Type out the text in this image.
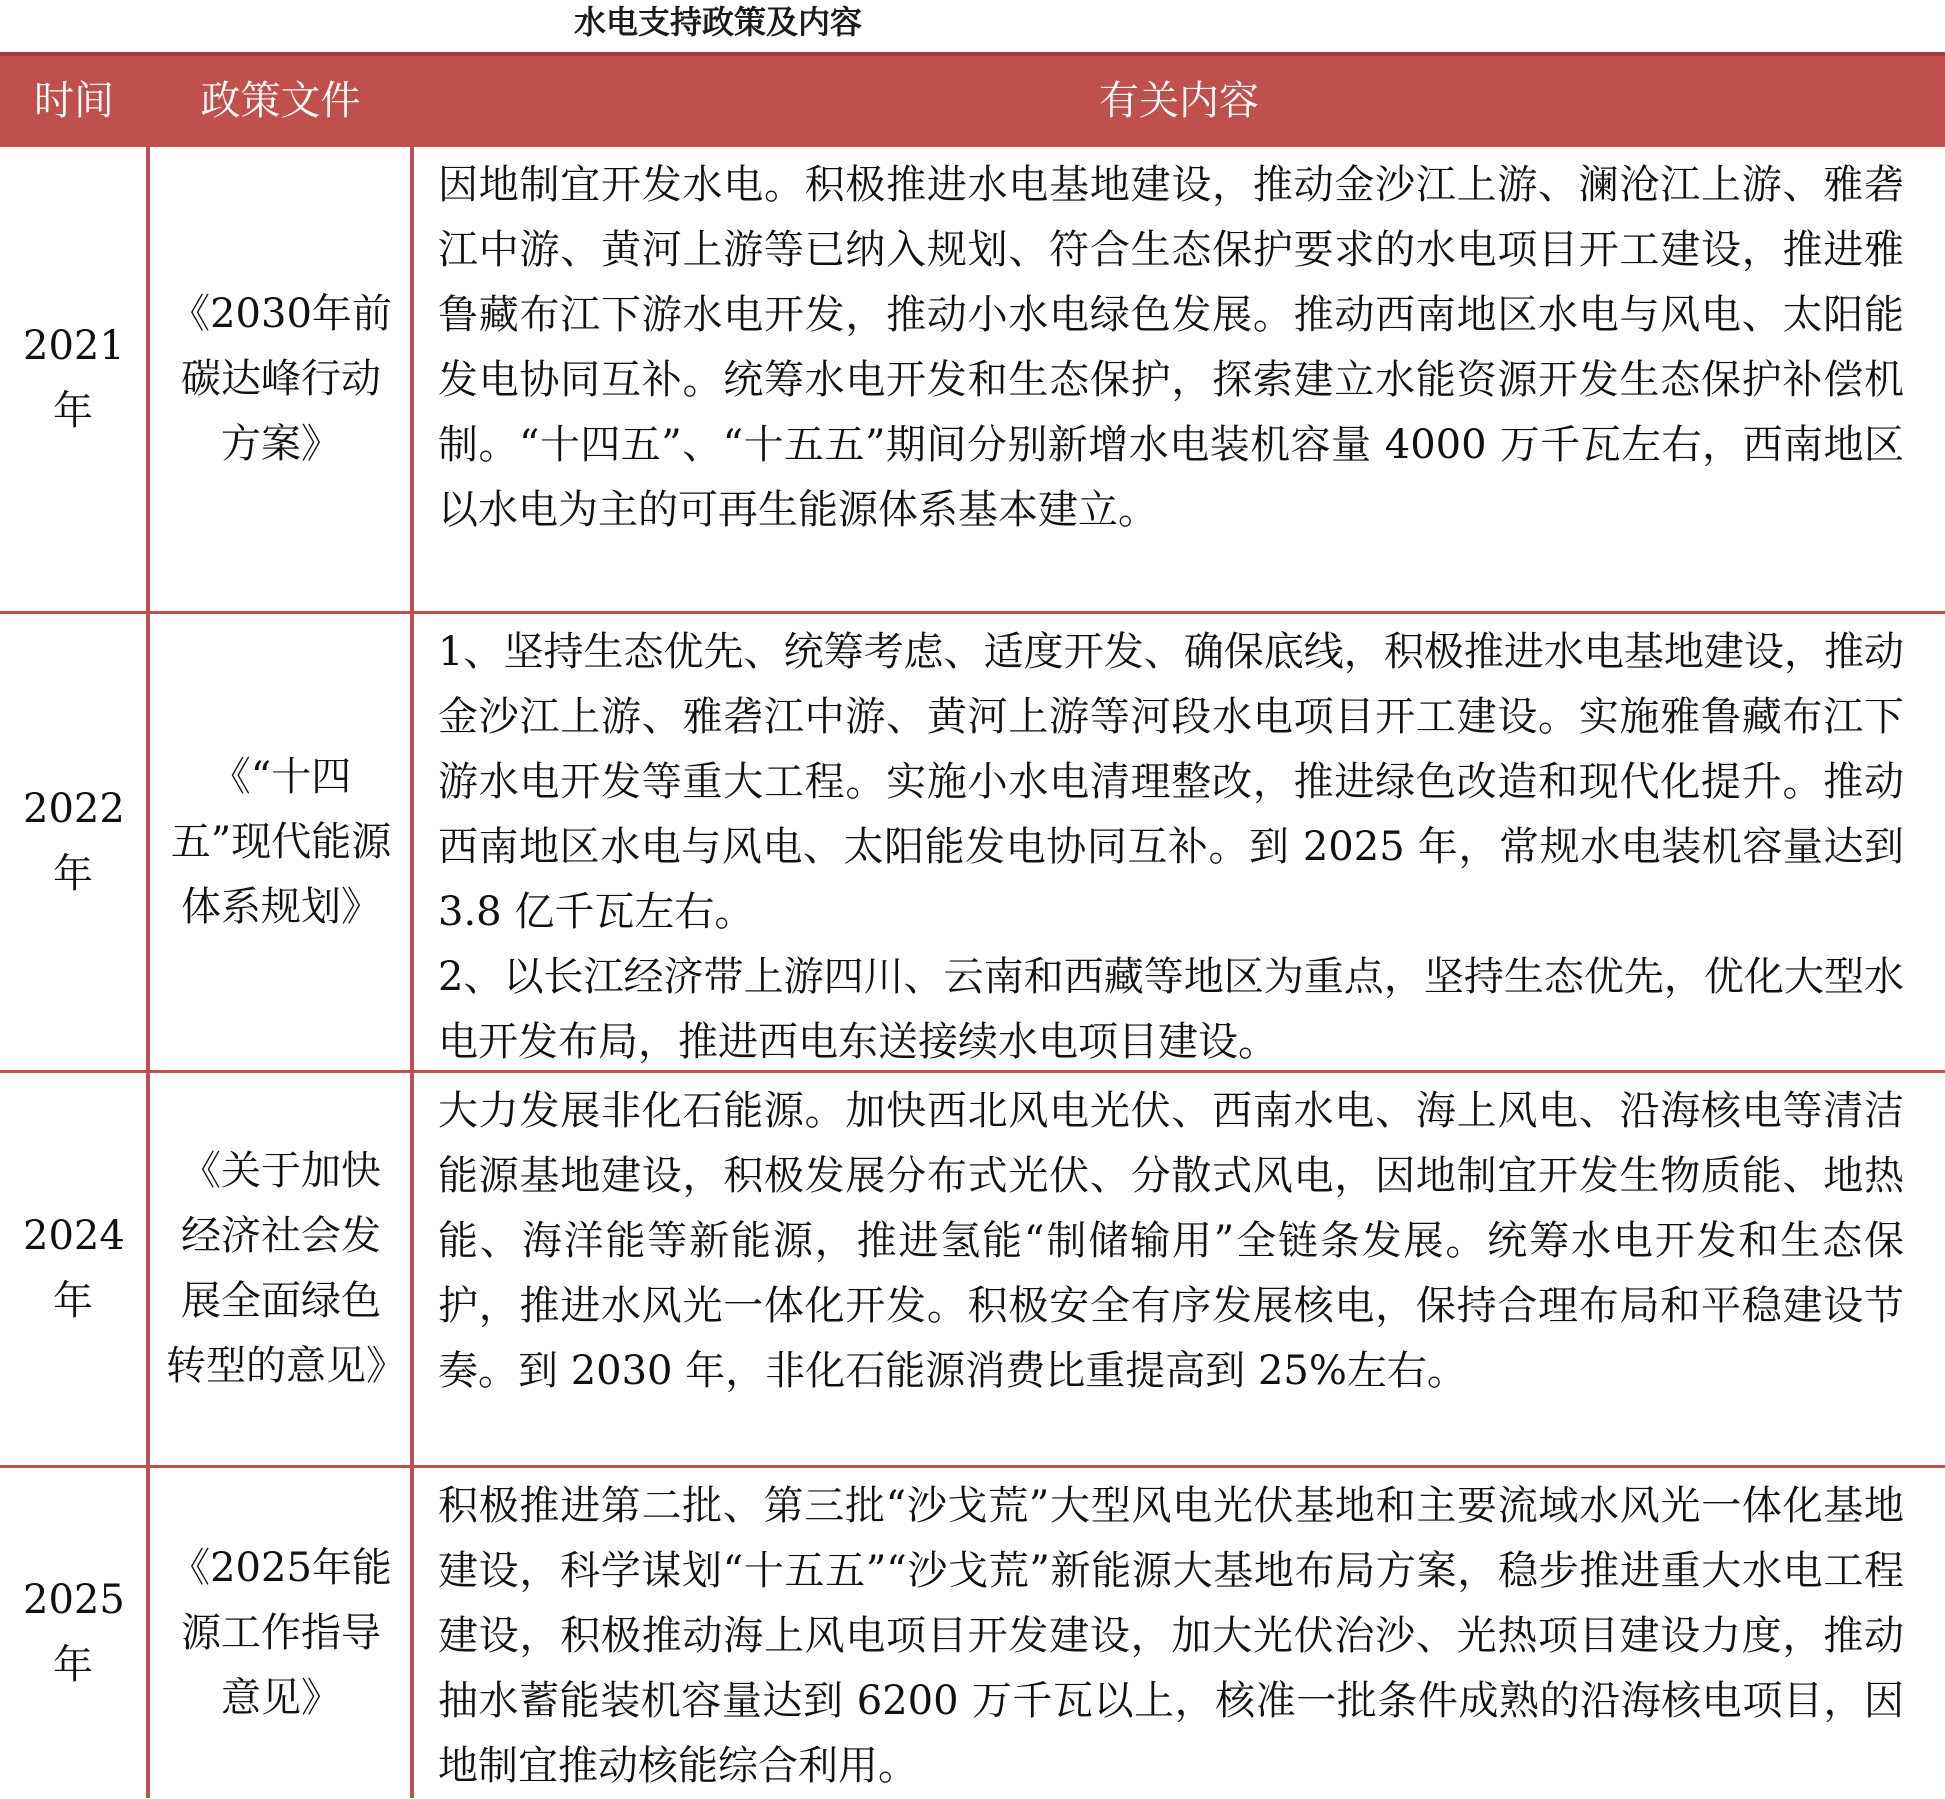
水电支持政策及内容
时间	政策文件	有关内容
2021年
《2030年前碳达峰行动方案》
因地制宜开发水电。积极推进水电基地建设，推动金沙江上游、澜沧江上游、雅砻江中游、黄河上游等已纳入规划、符合生态保护要求的水电项目开工建设，推进雅鲁藏布江下游水电开发，推动小水电绿色发展。推动西南地区水电与风电、太阳能发电协同互补。统筹水电开发和生态保护，探索建立水能资源开发生态保护补偿机制。“十四五”、“十五五”期间分别新增水电装机容量 4000 万千瓦左右，西南地区以水电为主的可再生能源体系基本建立。
2022年
《“十四五”现代能源体系规划》
1、坚持生态优先、统筹考虑、适度开发、确保底线，积极推进水电基地建设，推动金沙江上游、雅砻江中游、黄河上游等河段水电项目开工建设。实施雅鲁藏布江下游水电开发等重大工程。实施小水电清理整改，推进绿色改造和现代化提升。推动西南地区水电与风电、太阳能发电协同互补。到 2025 年，常规水电装机容量达到 3.8 亿千瓦左右。
2、以长江经济带上游四川、云南和西藏等地区为重点，坚持生态优先，优化大型水电开发布局，推进西电东送接续水电项目建设。
2024年
《关于加快经济社会发展全面绿色转型的意见》
大力发展非化石能源。加快西北风电光伏、西南水电、海上风电、沿海核电等清洁能源基地建设，积极发展分布式光伏、分散式风电，因地制宜开发生物质能、地热能、海洋能等新能源，推进氢能“制储输用”全链条发展。统筹水电开发和生态保护，推进水风光一体化开发。积极安全有序发展核电，保持合理布局和平稳建设节奏。到 2030 年，非化石能源消费比重提高到 25%左右。
2025年
《2025年能源工作指导意见》
积极推进第二批、第三批“沙戈荒”大型风电光伏基地和主要流域水风光一体化基地建设，科学谋划“十五五”“沙戈荒”新能源大基地布局方案，稳步推进重大水电工程建设，积极推动海上风电项目开发建设，加大光伏治沙、光热项目建设力度，推动抽水蓄能装机容量达到 6200 万千瓦以上，核准一批条件成熟的沿海核电项目，因地制宜推动核能综合利用。
